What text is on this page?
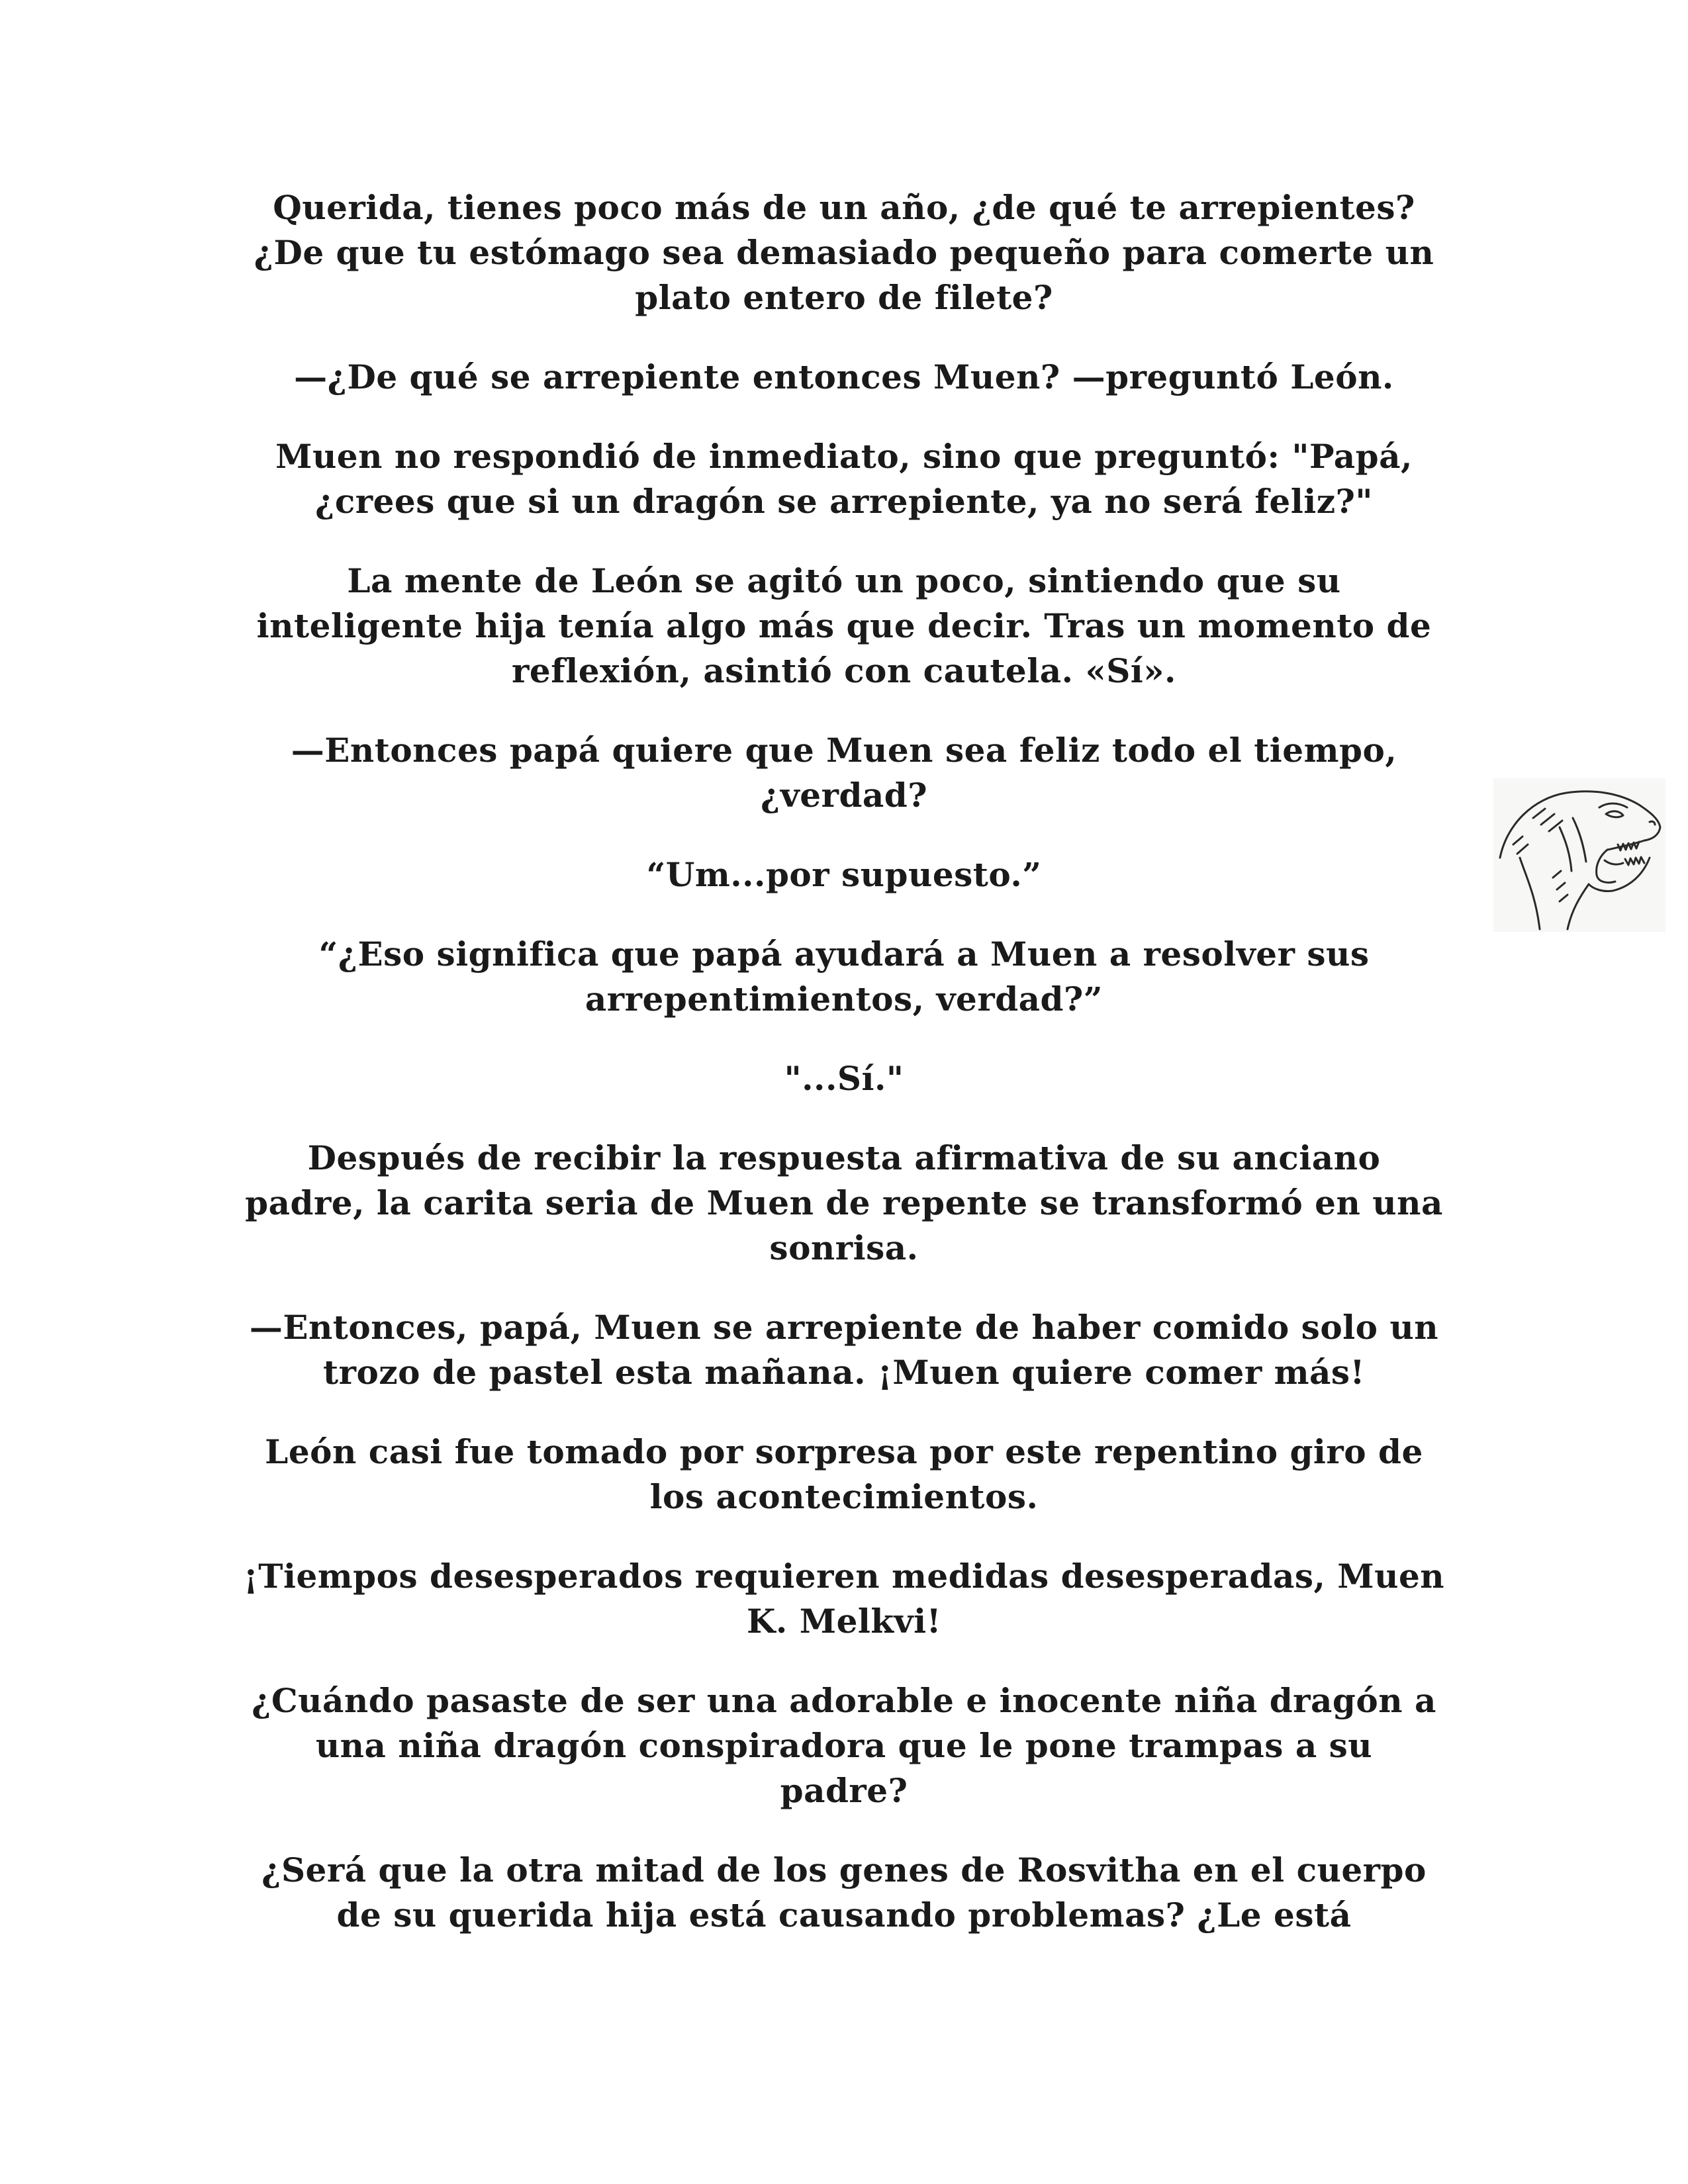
Querida, tienes poco más de un año, ¿de qué te arrepientes?
¿De que tu estómago sea demasiado pequeño para comerte un
plato entero de filete?

—¿De qué se arrepiente entonces Muen? —preguntó León.

Muen no respondió de inmediato, sino que preguntó: "Papá,
¿crees que si un dragón se arrepiente, ya no será feliz?"

La mente de León se agitó un poco, sintiendo que su
inteligente hija tenía algo más que decir. Tras un momento de
reflexión, asintió con cautela. «Sí».

—Entonces papá quiere que Muen sea feliz todo el tiempo,
¿verdad?

“Um...por supuesto.”

“¿Eso significa que papá ayudará a Muen a resolver sus
arrepentimientos, verdad?”

"...Sí."

Después de recibir la respuesta afirmativa de su anciano
padre, la carita seria de Muen de repente se transformó en una
sonrisa.

—Entonces, papá, Muen se arrepiente de haber comido solo un
trozo de pastel esta mañana. ¡Muen quiere comer más!

León casi fue tomado por sorpresa por este repentino giro de
los acontecimientos.

¡Tiempos desesperados requieren medidas desesperadas, Muen
K. Melkvi!

¿Cuándo pasaste de ser una adorable e inocente niña dragón a
una niña dragón conspiradora que le pone trampas a su
padre?

¿Será que la otra mitad de los genes de Rosvitha en el cuerpo
de su querida hija está causando problemas? ¿Le está
